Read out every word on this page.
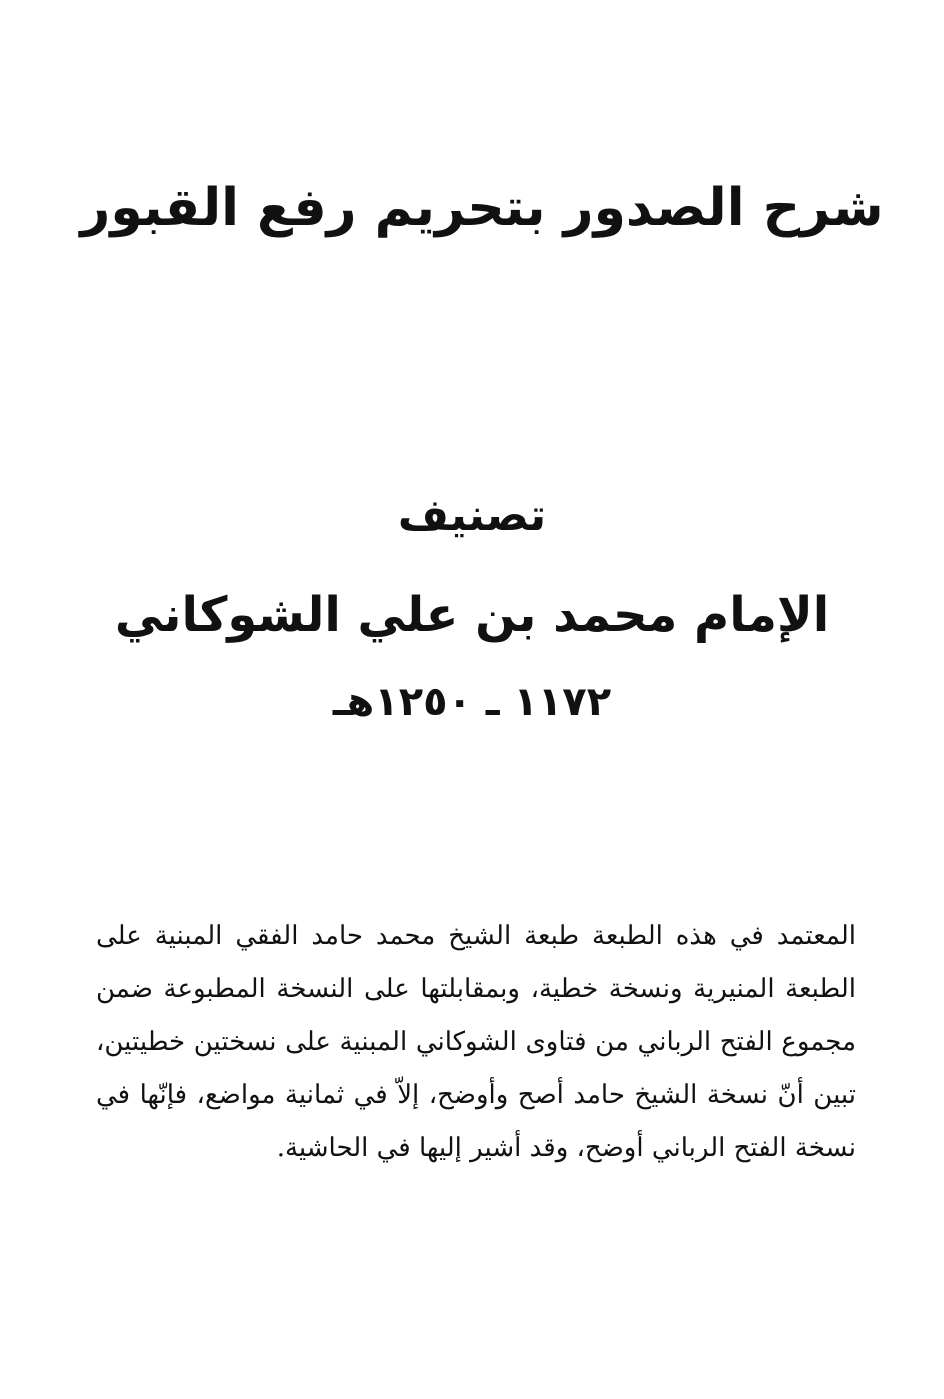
شرح الصدور بتحريم رفع القبور
تصنيف
الإمام محمد بن علي الشوكاني
١١٧٢ ـ ١٢٥٠هـ

المعتمد في هذه الطبعة طبعة الشيخ محمد حامد الفقي المبنية على الطبعة المنيرية ونسخة خطية، وبمقابلتها على النسخة المطبوعة ضمن مجموع الفتح الرباني من فتاوى الشوكاني المبنية على نسختين خطيتين، تبين أنّ نسخة الشيخ حامد أصح وأوضح، إلاّ في ثمانية مواضع، فإنّها في نسخة الفتح الرباني أوضح، وقد أشير إليها في الحاشية.
